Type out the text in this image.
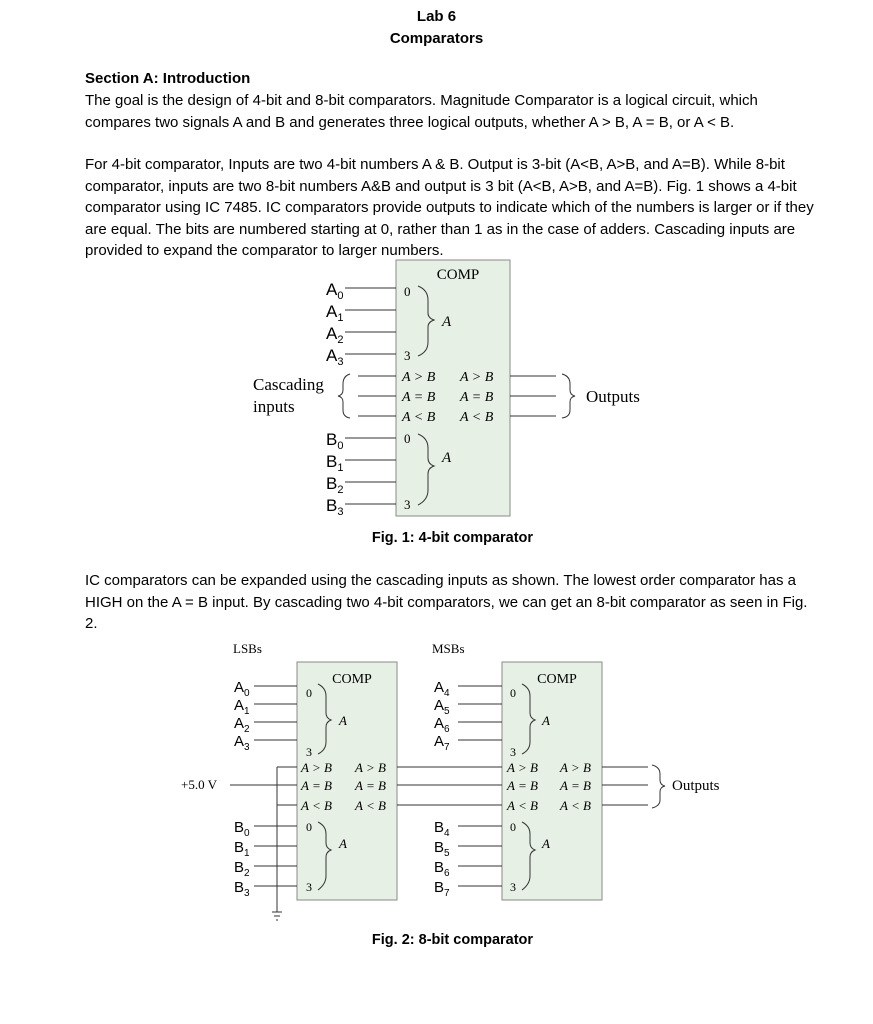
Lab 6
Comparators
Section A: Introduction
The goal is the design of 4-bit and 8-bit comparators. Magnitude Comparator is a logical circuit, which compares two signals A and B and generates three logical outputs, whether A > B, A = B, or A < B.
For 4-bit comparator, Inputs are two 4-bit numbers A & B. Output is 3-bit (A<B, A>B, and A=B). While 8-bit comparator, inputs are two 8-bit numbers A&B and output is 3 bit (A<B, A>B, and A=B). Fig. 1 shows a 4-bit comparator using IC 7485. IC comparators provide outputs to indicate which of the numbers is larger or if they are equal. The bits are numbered starting at 0, rather than 1 as in the case of adders. Cascading inputs are provided to expand the comparator to larger numbers.
COMP
$A_0$
$A_1$
$A_2$
$A_3$
0
3
A
Cascading
inputs
A > B
A = B
A < B
A > B
A = B
A < B
Outputs
$B_0$
$B_1$
$B_2$
$B_3$
0
3
A
LSBs	MSBs
COMP	COMP
$A_0$
$A_1$
$A_2$
$A_3$
0
3
A
+5.0 V
A > B
A = B
A < B
A > B
A = B
A < B
$B_0$
$B_1$
$B_2$
$B_3$
0
3
A
$A_4$
$A_5$
$A_6$
$A_7$
0
3
A
A > B
A = B
A < B
A > B
A = B
A < B
Outputs
$B_4$
$B_5$
$B_6$
$B_7$
0
3
A
Fig. 1: 4-bit comparator
IC comparators can be expanded using the cascading inputs as shown. The lowest order comparator has a HIGH on the A = B input. By cascading two 4-bit comparators, we can get an 8-bit comparator as seen in Fig. 2.
Fig. 2: 8-bit comparator
